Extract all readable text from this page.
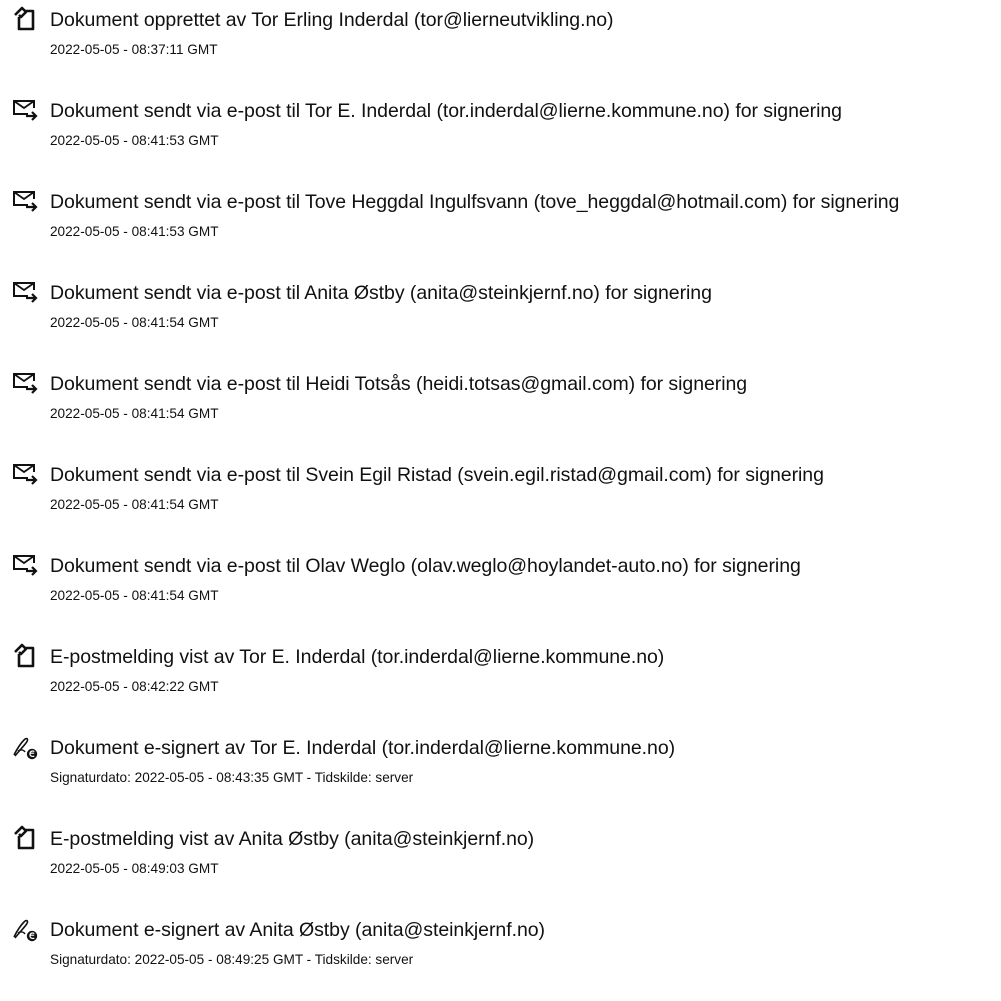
Dokument opprettet av Tor Erling Inderdal (tor@lierneutvikling.no)
2022-05-05 - 08:37:11 GMT
Dokument sendt via e-post til Tor E. Inderdal (tor.inderdal@lierne.kommune.no) for signering
2022-05-05 - 08:41:53 GMT
Dokument sendt via e-post til Tove Heggdal Ingulfsvann (tove_heggdal@hotmail.com) for signering
2022-05-05 - 08:41:53 GMT
Dokument sendt via e-post til Anita Østby (anita@steinkjernf.no) for signering
2022-05-05 - 08:41:54 GMT
Dokument sendt via e-post til Heidi Totsås (heidi.totsas@gmail.com) for signering
2022-05-05 - 08:41:54 GMT
Dokument sendt via e-post til Svein Egil Ristad (svein.egil.ristad@gmail.com) for signering
2022-05-05 - 08:41:54 GMT
Dokument sendt via e-post til Olav Weglo (olav.weglo@hoylandet-auto.no) for signering
2022-05-05 - 08:41:54 GMT
E-postmelding vist av Tor E. Inderdal (tor.inderdal@lierne.kommune.no)
2022-05-05 - 08:42:22 GMT
Dokument e-signert av Tor E. Inderdal (tor.inderdal@lierne.kommune.no)
Signaturdato: 2022-05-05 - 08:43:35 GMT - Tidskilde: server
E-postmelding vist av Anita Østby (anita@steinkjernf.no)
2022-05-05 - 08:49:03 GMT
Dokument e-signert av Anita Østby (anita@steinkjernf.no)
Signaturdato: 2022-05-05 - 08:49:25 GMT - Tidskilde: server
